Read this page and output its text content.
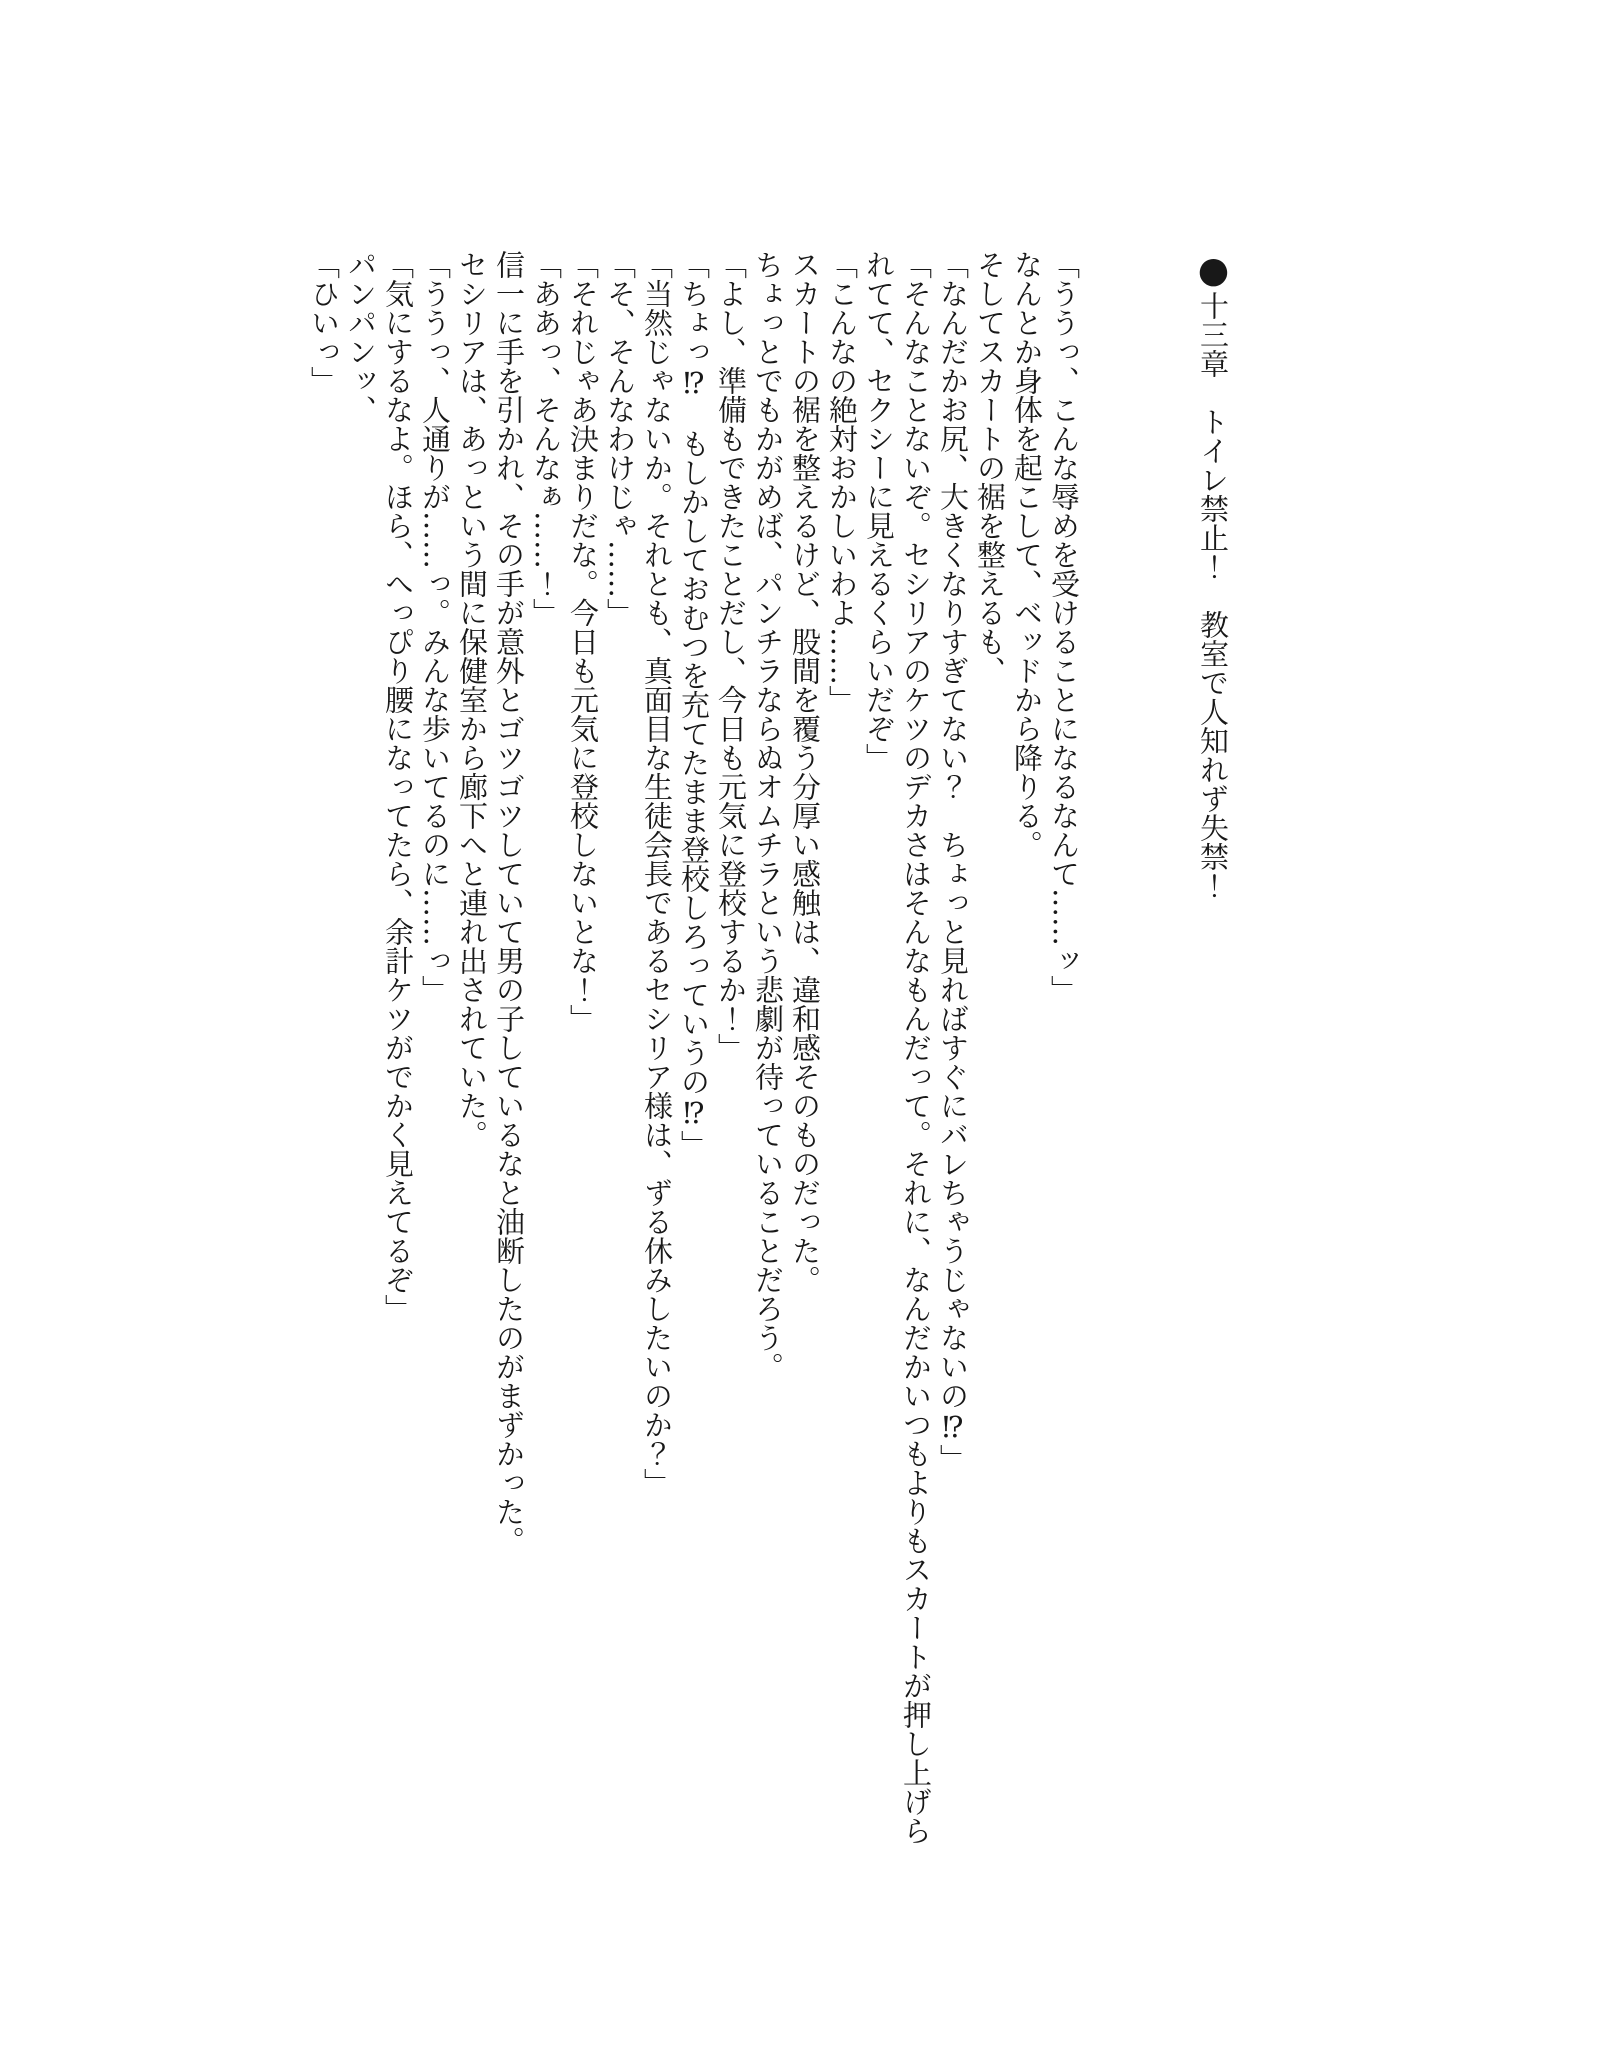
●十三章　トイレ禁止！　教室で人知れず失禁！

「ううっ、こんな辱めを受けることになるなんて……ッ」

なんとか身体を起こして、ベッドから降りる。

そしてスカートの裾を整えるも、

「なんだかお尻、大きくなりすぎてない？　ちょっと見ればすぐにバレちゃうじゃないの⁉」

「そんなことないぞ。セシリアのケツのデカさはそんなもんだって。それに、なんだかいつもよりもスカートが押し上げられてて、セクシーに見えるくらいだぞ」

「こんなの絶対おかしいわよ……」

スカートの裾を整えるけど、股間を覆う分厚い感触は、違和感そのものだった。

ちょっとでもかがめば、パンチラならぬオムチラという悲劇が待っていることだろう。

「よし、準備もできたことだし、今日も元気に登校するか！」

「ちょっ⁉　もしかしておむつを充てたまま登校しろっていうの⁉」

「当然じゃないか。それとも、真面目な生徒会長であるセシリア様は、ずる休みしたいのか？」

「そ、そんなわけじゃ……」

「それじゃあ決まりだな。今日も元気に登校しないとな！」

「ああっ、そんなぁ……！」

信一に手を引かれ、その手が意外とゴツゴツしていて男の子しているなと油断したのがまずかった。

セシリアは、あっという間に保健室から廊下へと連れ出されていた。

「ううっ、人通りが……っ。みんな歩いてるのに……っ」

「気にするなよ。ほら、へっぴり腰になってたら、余計ケツがでかく見えてるぞ」

パンパンッ、

「ひいっ」
